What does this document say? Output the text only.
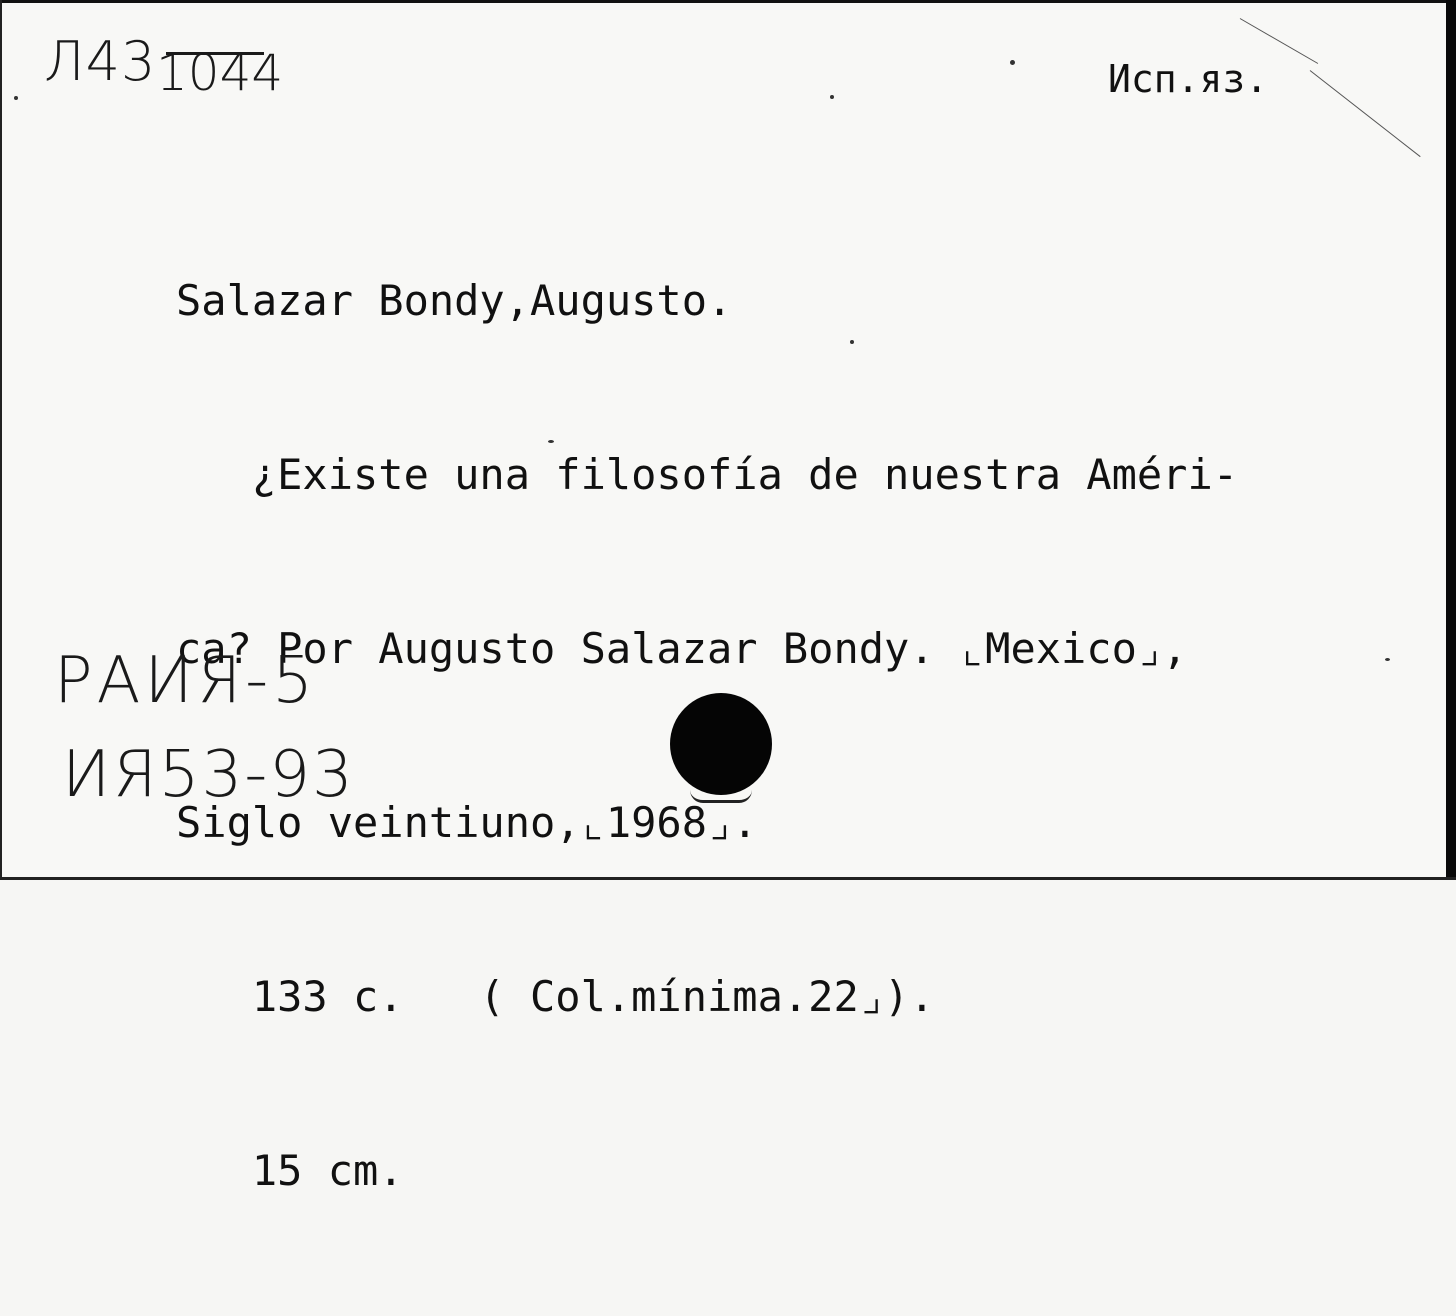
Л43 1044	Исп.яз.

Salazar Bondy,Augusto.

¿Existe una filosofía de nuestra Améri-

ca? Por Augusto Salazar Bondy. ⌞Mexico⌟,

Siglo veintiuno,⌞1968⌟.

133 c.   ( Col.mínima.22⌟).

15 cm.

РАИЯ-5
ИЯ53-93
